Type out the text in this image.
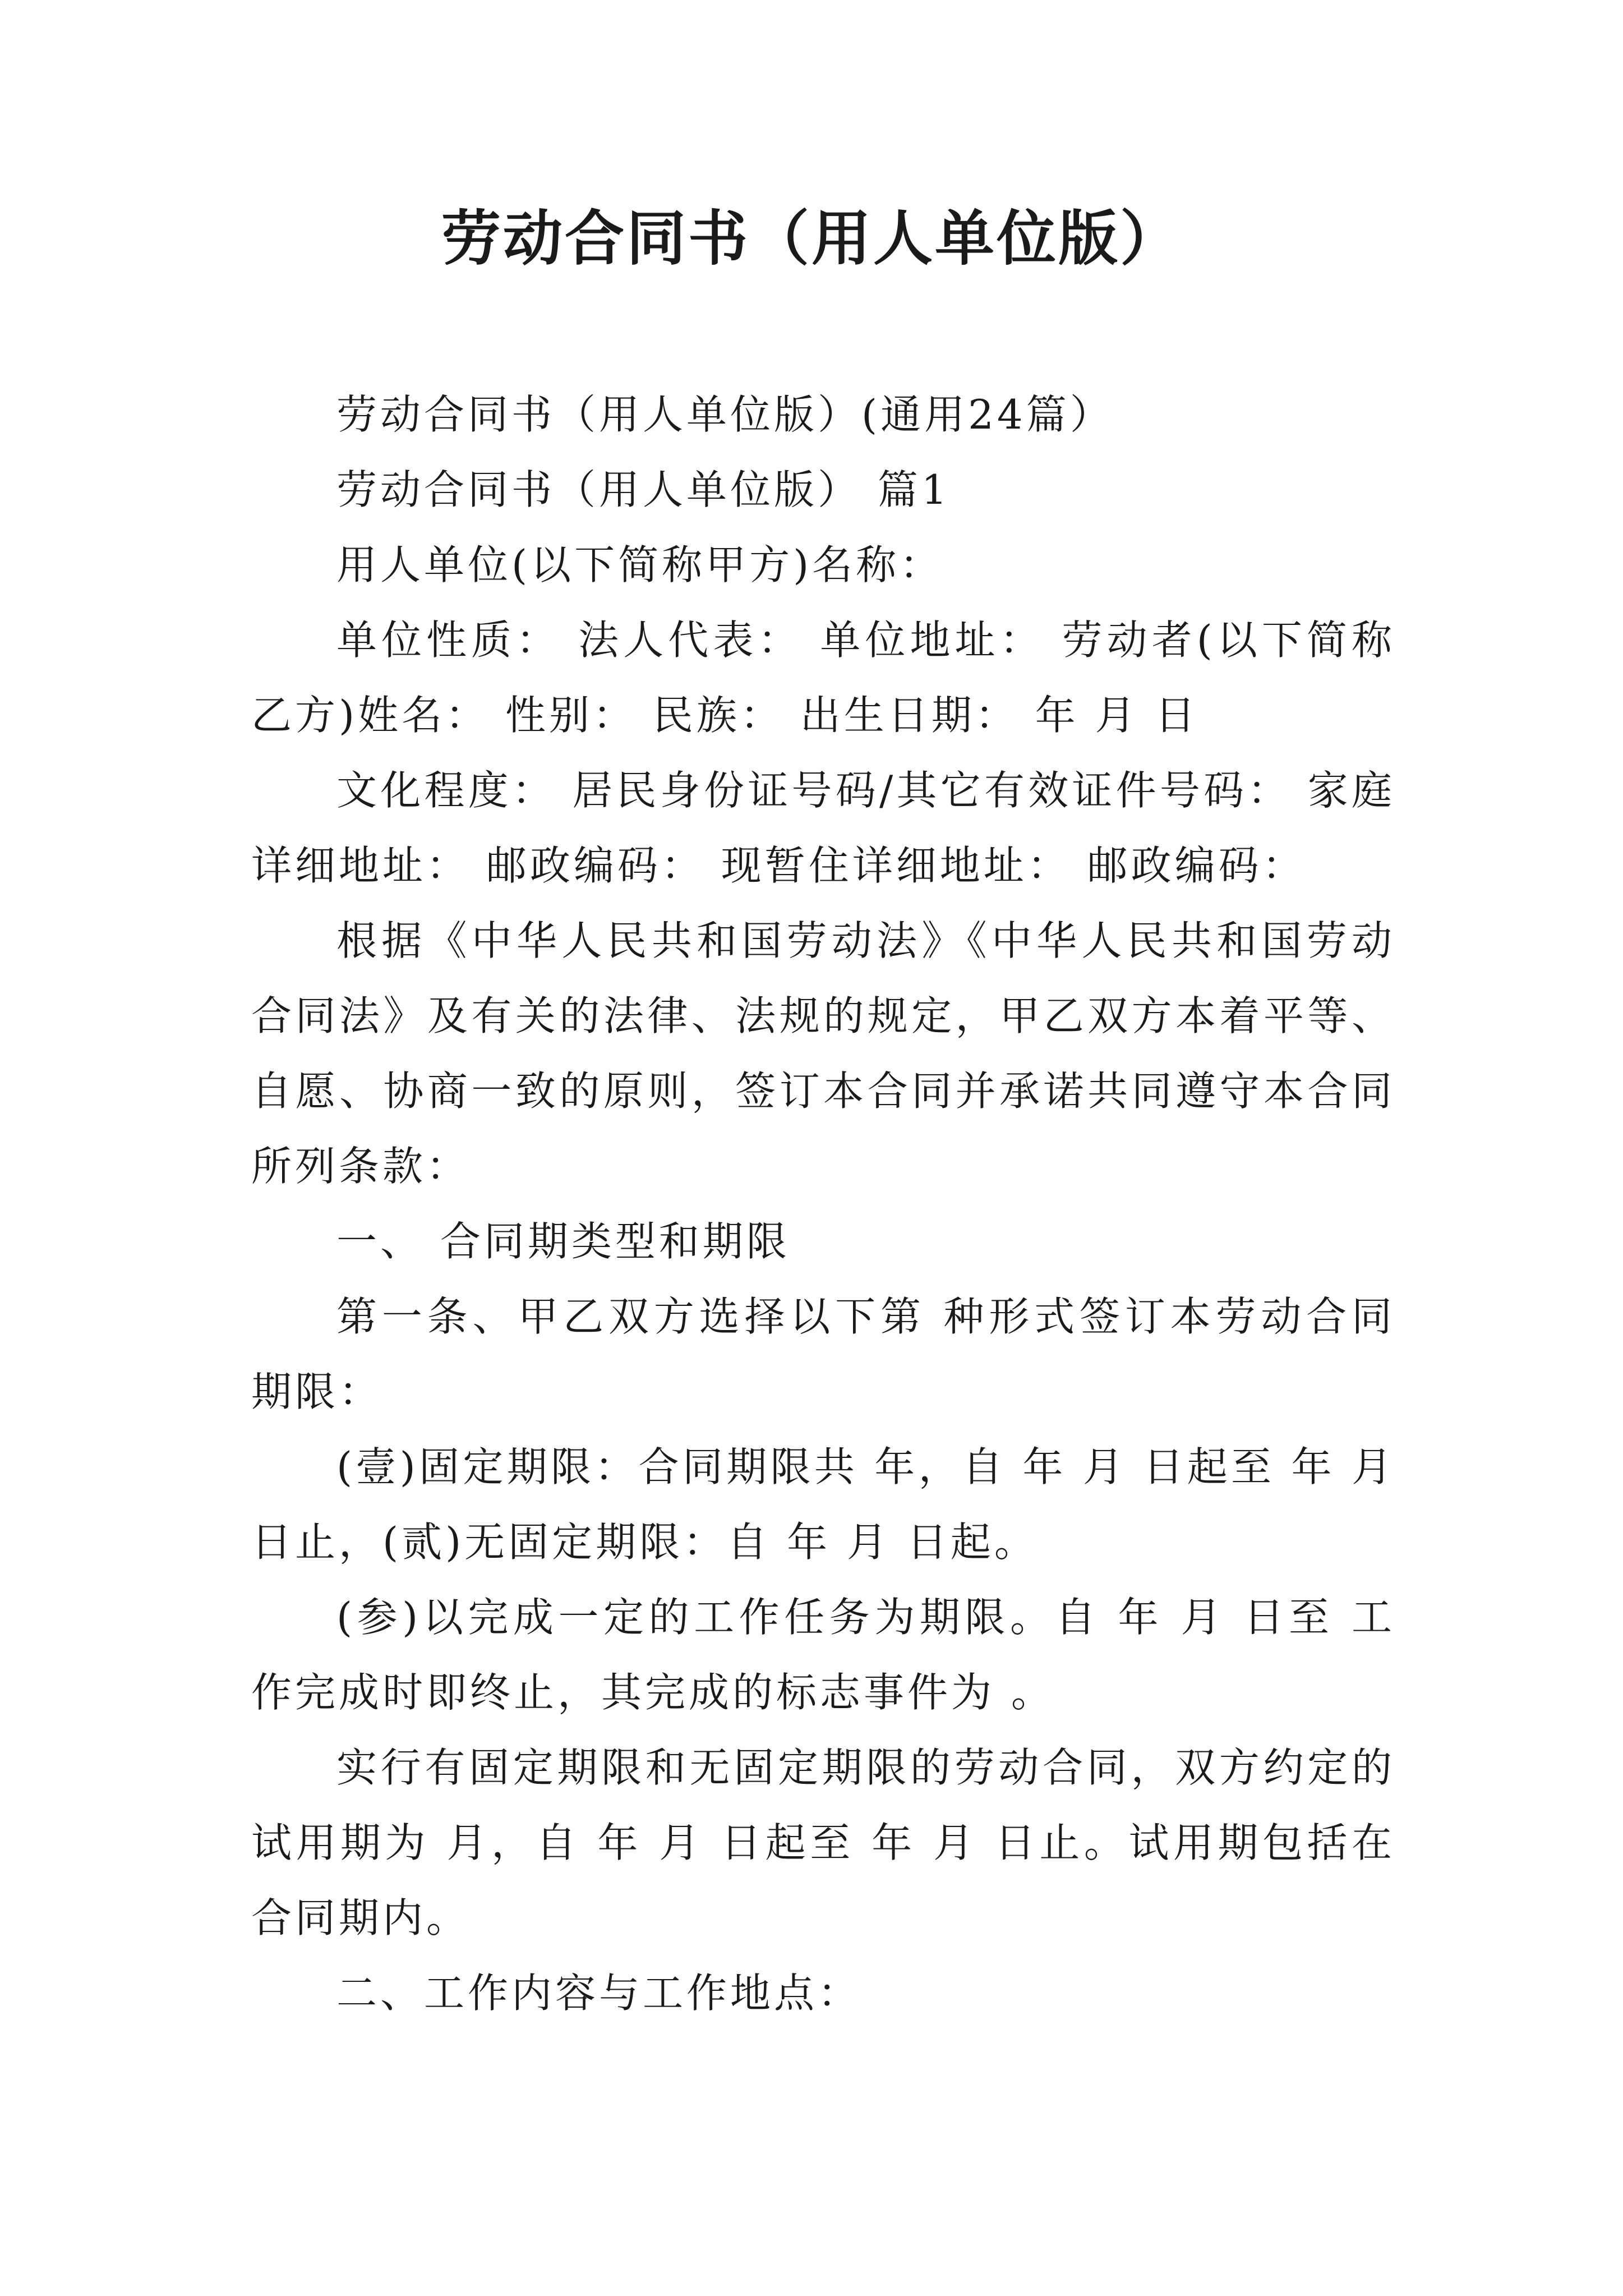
劳动合同书（用人单位版）

劳动合同书（用人单位版）(通用24篇）

劳动合同书（用人单位版） 篇1

用人单位(以下简称甲方)名称：

单位性质： 法人代表： 单位地址： 劳动者(以下简称乙方)姓名： 性别： 民族： 出生日期： 年 月 日

文化程度： 居民身份证号码/其它有效证件号码： 家庭详细地址： 邮政编码： 现暂住详细地址： 邮政编码：

根据《中华人民共和国劳动法》《中华人民共和国劳动合同法》及有关的法律、法规的规定，甲乙双方本着平等、自愿、协商一致的原则，签订本合同并承诺共同遵守本合同所列条款：

一、 合同期类型和期限

第一条、甲乙双方选择以下第 种形式签订本劳动合同期限：

(壹)固定期限：合同期限共 年，自 年 月 日起至 年 月 日止，(贰)无固定期限：自 年 月 日起。

(参)以完成一定的工作任务为期限。自 年 月 日至 工作完成时即终止，其完成的标志事件为 。

实行有固定期限和无固定期限的劳动合同，双方约定的试用期为 月，自 年 月 日起至 年 月 日止。试用期包括在合同期内。

二、工作内容与工作地点：
